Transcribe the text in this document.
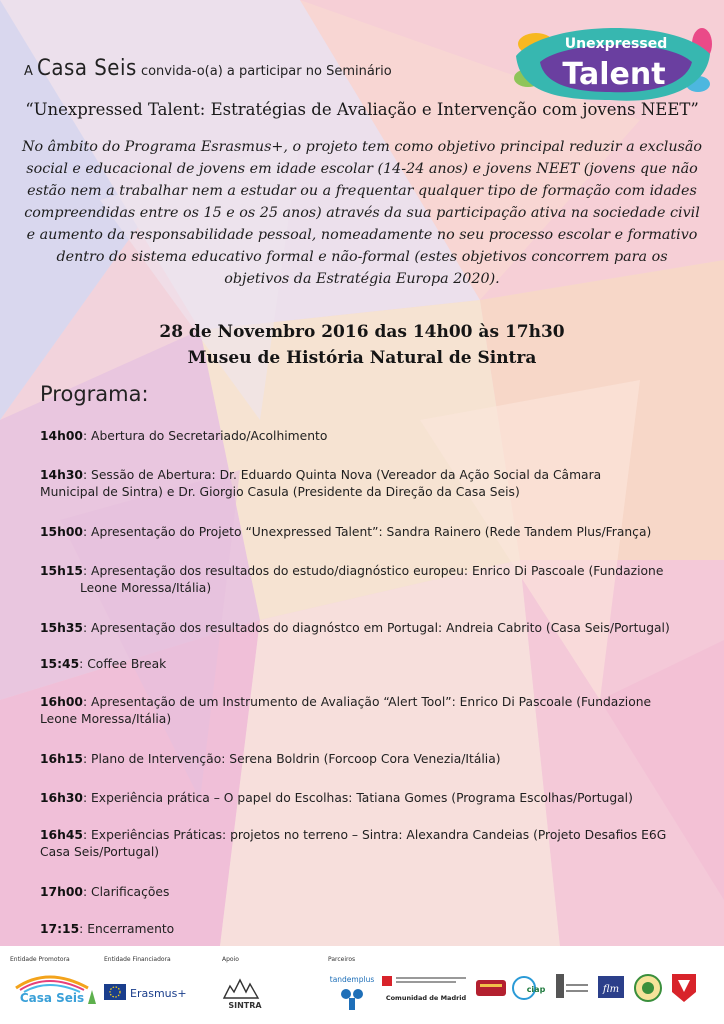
A Casa Seis convida-o(a) a participar no Seminário
Unexpressed
Talent
“Unexpressed Talent: Estratégias de Avaliação e Intervenção com jovens NEET”
No âmbito do Programa Esrasmus+, o projeto tem como objetivo principal reduzir a exclusão
social e educacional de jovens em idade escolar (14-24 anos) e jovens NEET (jovens que não
estão nem a trabalhar nem a estudar ou a frequentar qualquer tipo de formação com idades
compreendidas entre os 15 e os 25 anos) através da sua participação ativa na sociedade civil
e aumento da responsabilidade pessoal, nomeadamente no seu processo escolar e formativo
dentro do sistema educativo formal e não-formal (estes objetivos concorrem para os
objetivos da Estratégia Europa 2020).
28 de Novembro 2016 das 14h00 às 17h30
Museu de História Natural de Sintra
Programa:
14h00: Abertura do Secretariado/Acolhimento
14h30: Sessão de Abertura: Dr. Eduardo Quinta Nova (Vereador da Ação Social da Câmara
Municipal de Sintra) e Dr. Giorgio Casula (Presidente da Direção da Casa Seis)
15h00: Apresentação do Projeto “Unexpressed Talent”: Sandra Rainero (Rede Tandem Plus/França)
15h15: Apresentação dos resultados do estudo/diagnóstico europeu: Enrico Di Pascoale (Fundazione
Leone Moressa/Itália)
15h35: Apresentação dos resultados do diagnóstco em Portugal: Andreia Cabrito (Casa Seis/Portugal)
15:45: Coffee Break
16h00: Apresentação de um Instrumento de Avaliação “Alert Tool”: Enrico Di Pascoale (Fundazione
Leone Moressa/Itália)
16h15: Plano de Intervenção: Serena Boldrin (Forcoop Cora Venezia/Itália)
16h30: Experiência prática – O papel do Escolhas: Tatiana Gomes (Programa Escolhas/Portugal)
16h45: Experiências Práticas: projetos no terreno – Sintra: Alexandra Candeias (Projeto Desafios E6G
Casa Seis/Portugal)
17h00: Clarificações
17:15: Encerramento
Entidade Promotora	Entidade Financiadora	Apoio	Parceiros
Casa Seis	Erasmus+
SINTRA
tandemplus
Comunidad de Madrid
ciap	flm
